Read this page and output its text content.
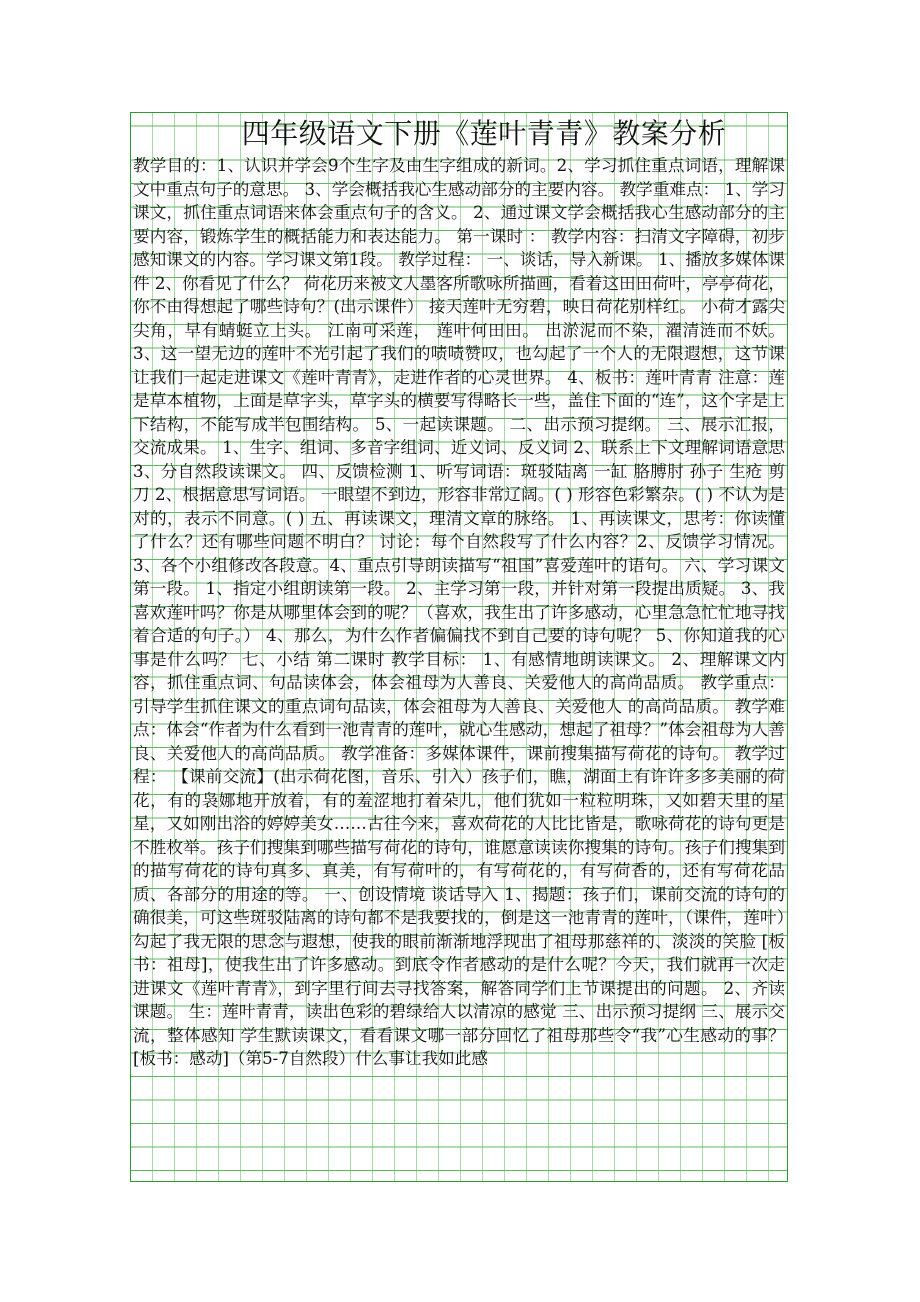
四年级语文下册《莲叶青青》教案分析
教学目的：1、认识并学会9个生字及由生字组成的新词。2、学习抓住重点词语，理解课文中重点句子的意思。 3、学会概括我心生感动部分的主要内容。 教学重难点： 1、学习课文，抓住重点词语来体会重点句子的含义。 2、通过课文学会概括我心生感动部分的主要内容，锻炼学生的概括能力和表达能力。 第一课时 ： 教学内容：扫清文字障碍，初步感知课文的内容。学习课文第1段。 教学过程： 一、谈话，导入新课。 1、播放多媒体课件 2、你看见了什么？ 荷花历来被文人墨客所歌咏所描画，看着这田田荷叶，亭亭荷花，你不由得想起了哪些诗句？(出示课件） 接天莲叶无穷碧，映日荷花别样红。 小荷才露尖尖角，早有蜻蜓立上头。 江南可采莲， 莲叶何田田。 出淤泥而不染，濯清涟而不妖。 3、这一望无边的莲叶不光引起了我们的啧啧赞叹，也勾起了一个人的无限遐想，这节课让我们一起走进课文《莲叶青青》，走进作者的心灵世界。 4、板书：莲叶青青 注意：莲是草本植物，上面是草字头，草字头的横要写得略长一些，盖住下面的“连”，这个字是上下结构，不能写成半包围结构。 5、一起读课题。 二、出示预习提纲。 三、展示汇报，交流成果。 1、生字、组词、多音字组词、近义词、反义词 2、联系上下文理解词语意思 3、分自然段读课文。 四、反馈检测 1、听写词语：斑驳陆离 一缸 胳膊肘 孙子 生疮 剪刀 2、根据意思写词语。 一眼望不到边，形容非常辽阔。( ) 形容色彩繁杂。( ) 不认为是对的，表示不同意。( ) 五、再读课文，理清文章的脉络。 1、再读课文，思考：你读懂了什么？还有哪些问题不明白？ 讨论：每个自然段写了什么内容？2、反馈学习情况。3、各个小组修改各段意。4、重点引导朗读描写“祖国”喜爱莲叶的语句。 六、学习课文第一段。 1、指定小组朗读第一段。 2、主学习第一段，并针对第一段提出质疑。 3、我喜欢莲叶吗？你是从哪里体会到的呢？（喜欢，我生出了许多感动，心里急急忙忙地寻找着合适的句子。） 4、那么，为什么作者偏偏找不到自己要的诗句呢？ 5、你知道我的心事是什么吗？ 七、小结 第二课时 教学目标： 1、有感情地朗读课文。 2、理解课文内容，抓住重点词、句品读体会，体会祖母为人善良、关爱他人的高尚品质。 教学重点：引导学生抓住课文的重点词句品读，体会祖母为人善良、关爱他人 的高尚品质。 教学难点：体会“作者为什么看到一池青青的莲叶，就心生感动，想起了祖母？”体会祖母为人善良、关爱他人的高尚品质。 教学准备：多媒体课件，课前搜集描写荷花的诗句。 教学过程： 【课前交流】(出示荷花图，音乐、引入）孩子们，瞧，湖面上有许许多多美丽的荷花，有的袅娜地开放着，有的羞涩地打着朵儿，他们犹如一粒粒明珠，又如碧天里的星星，又如刚出浴的婷婷美女……古往今来，喜欢荷花的人比比皆是，歌咏荷花的诗句更是不胜枚举。孩子们搜集到哪些描写荷花的诗句，谁愿意读读你搜集的诗句。孩子们搜集到的描写荷花的诗句真多、真美，有写荷叶的，有写荷花的，有写荷香的，还有写荷花品质、各部分的用途的等。 一、创设情境 谈话导入 1、揭题：孩子们，课前交流的诗句的确很美，可这些斑驳陆离的诗句都不是我要找的，倒是这一池青青的莲叶，（课件，莲叶）勾起了我无限的思念与遐想，使我的眼前渐渐地浮现出了祖母那慈祥的、淡淡的笑脸 [板书：祖母]，使我生出了许多感动。到底令作者感动的是什么呢？今天，我们就再一次走进课文《莲叶青青》，到字里行间去寻找答案，解答同学们上节课提出的问题。 2、齐读课题。 生：莲叶青青，读出色彩的碧绿给人以清凉的感觉 三、出示预习提纲 三、展示交流，整体感知 学生默读课文，看看课文哪一部分回忆了祖母那些令“我”心生感动的事？ [板书：感动]（第5-7自然段）什么事让我如此感
